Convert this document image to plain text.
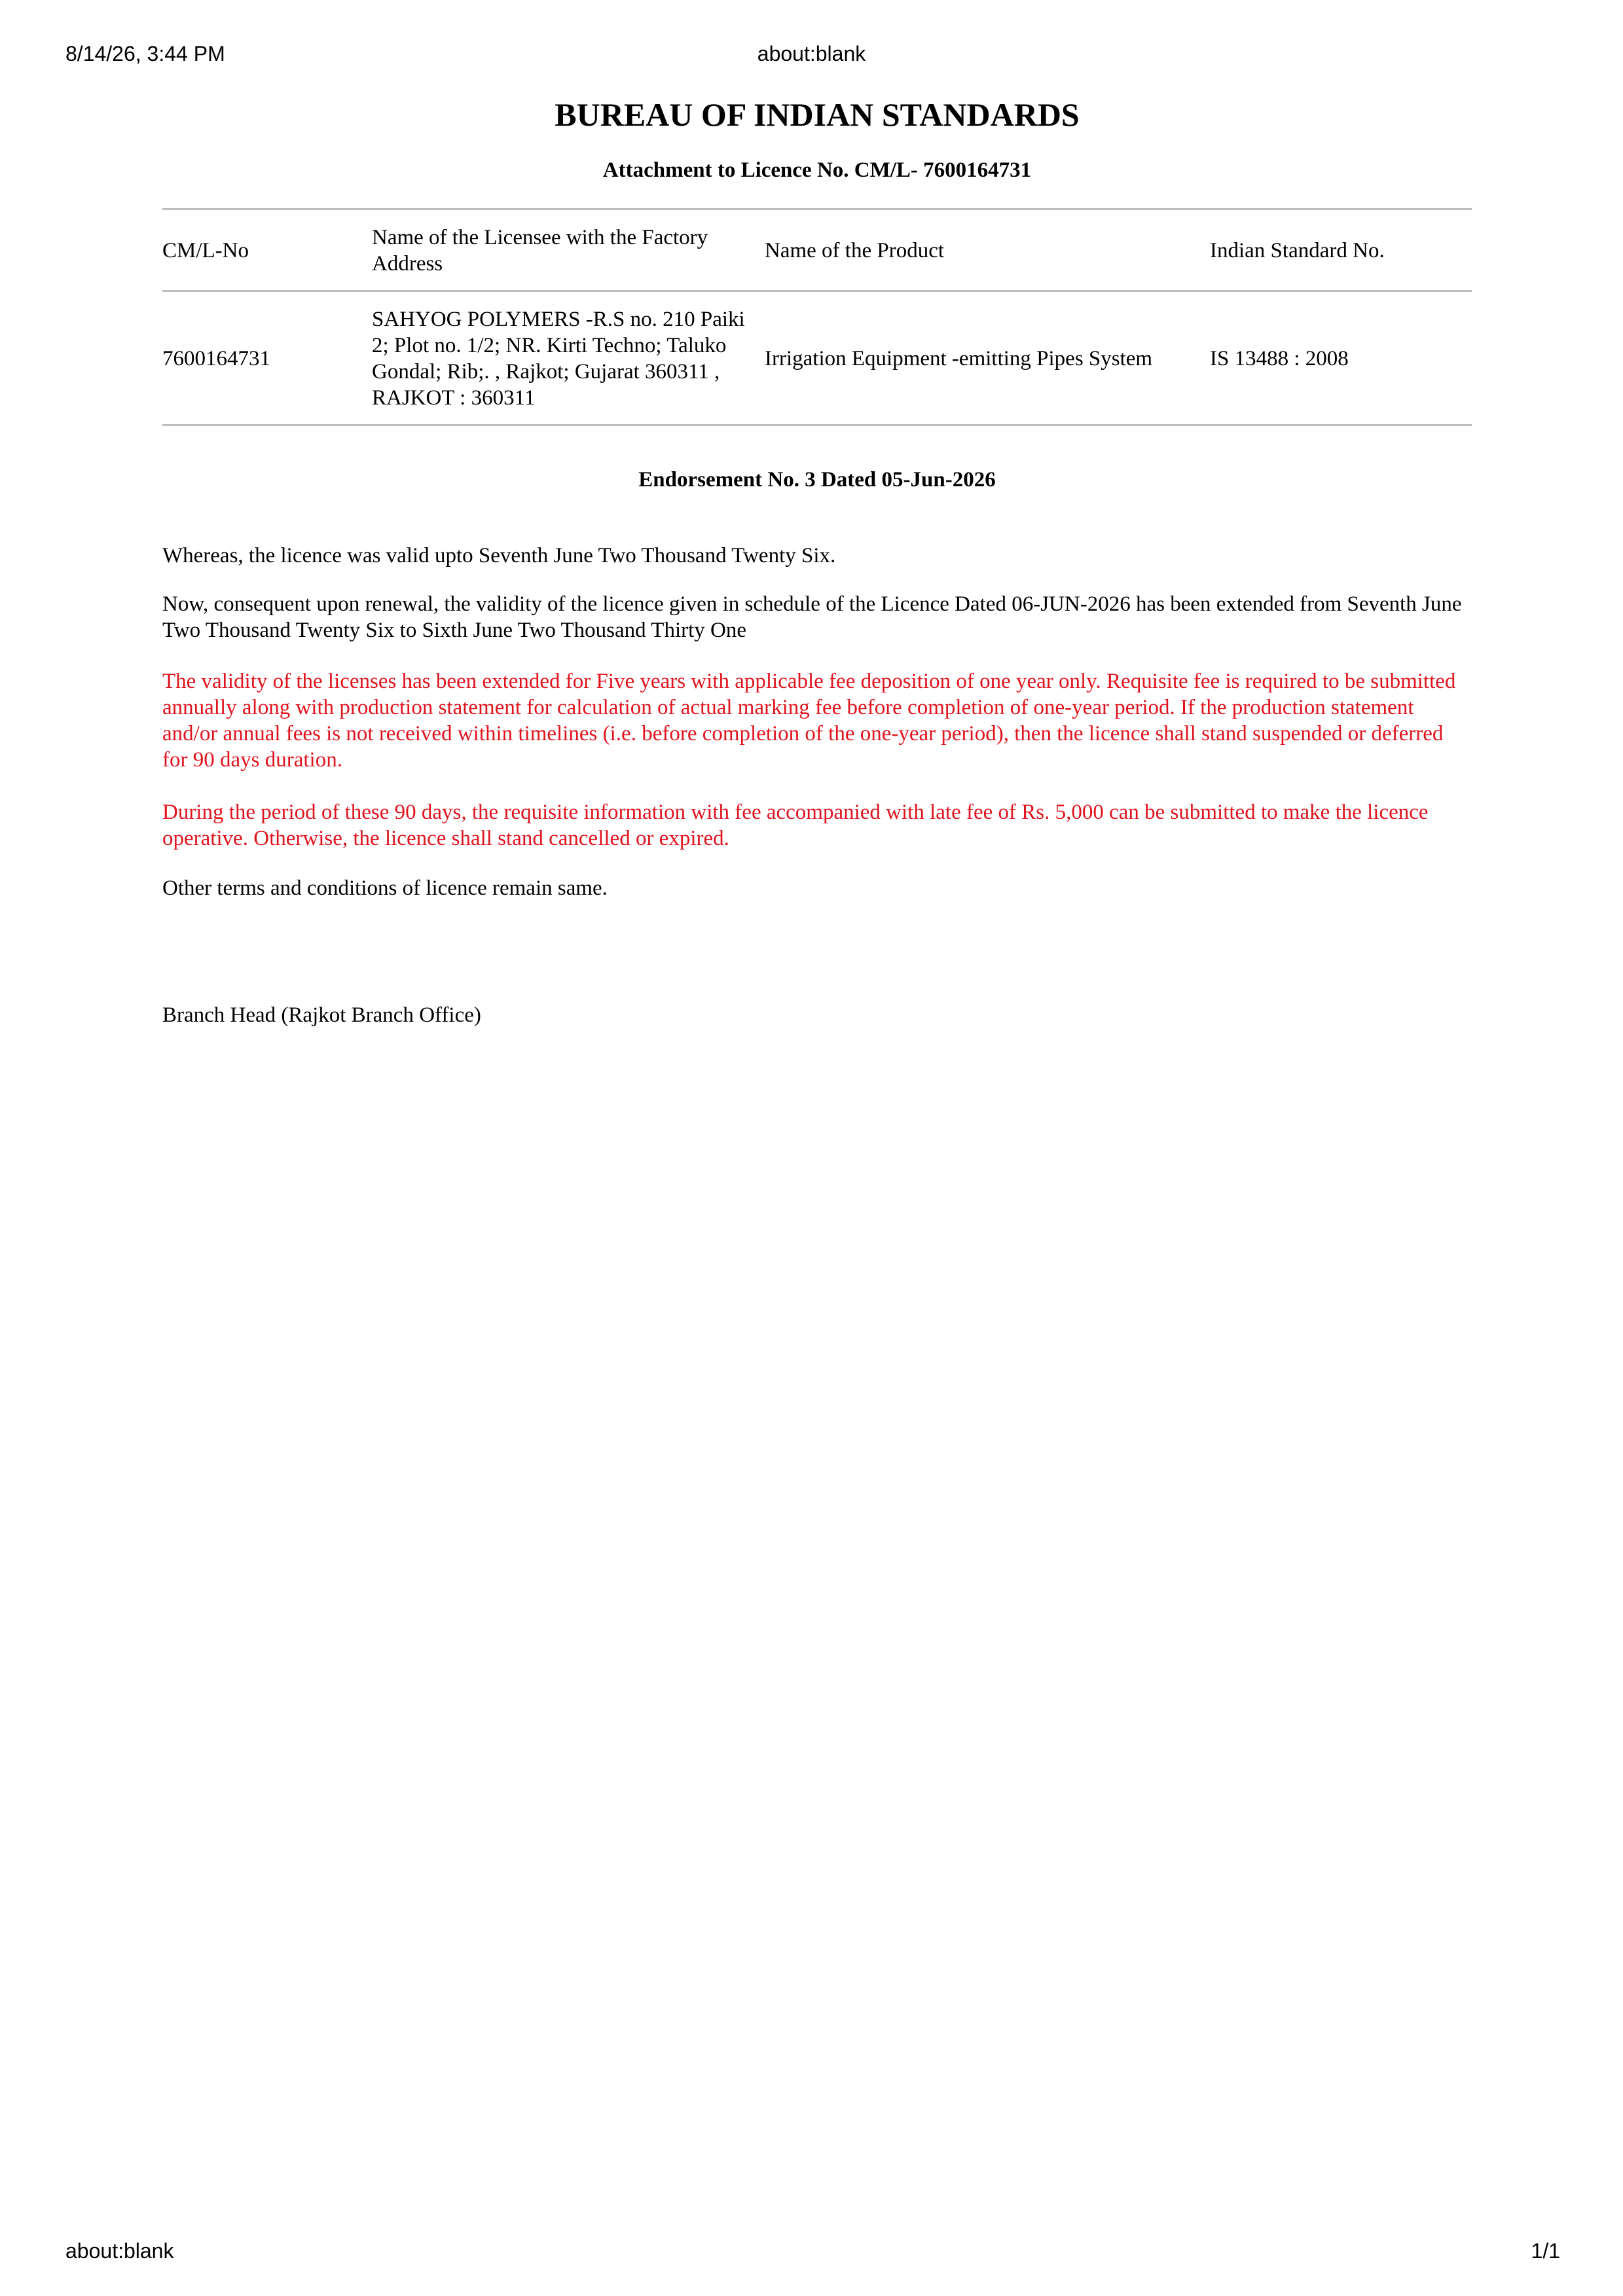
8/14/26, 3:44 PM	about:blank
BUREAU OF INDIAN STANDARDS
Attachment to Licence No. CM/L- 7600164731
CM/L-No	Name of the Licensee with the Factory Address	Name of the Product	Indian Standard No.
7600164731	SAHYOG POLYMERS -R.S no. 210 Paiki 2; Plot no. 1/2; NR. Kirti Techno; Taluko Gondal; Rib;. , Rajkot; Gujarat 360311 , RAJKOT : 360311	Irrigation Equipment -emitting Pipes System	IS 13488 : 2008
Endorsement No. 3 Dated 05-Jun-2026

Whereas, the licence was valid upto Seventh June Two Thousand Twenty Six.

Now, consequent upon renewal, the validity of the licence given in schedule of the Licence Dated 06-JUN-2026 has been extended from Seventh June Two Thousand Twenty Six to Sixth June Two Thousand Thirty One

The validity of the licenses has been extended for Five years with applicable fee deposition of one year only. Requisite fee is required to be submitted annually along with production statement for calculation of actual marking fee before completion of one-year period. If the production statement and/or annual fees is not received within timelines (i.e. before completion of the one-year period), then the licence shall stand suspended or deferred for 90 days duration.

During the period of these 90 days, the requisite information with fee accompanied with late fee of Rs. 5,000 can be submitted to make the licence operative. Otherwise, the licence shall stand cancelled or expired.

Other terms and conditions of licence remain same.

Branch Head (Rajkot Branch Office)
about:blank	1/1
